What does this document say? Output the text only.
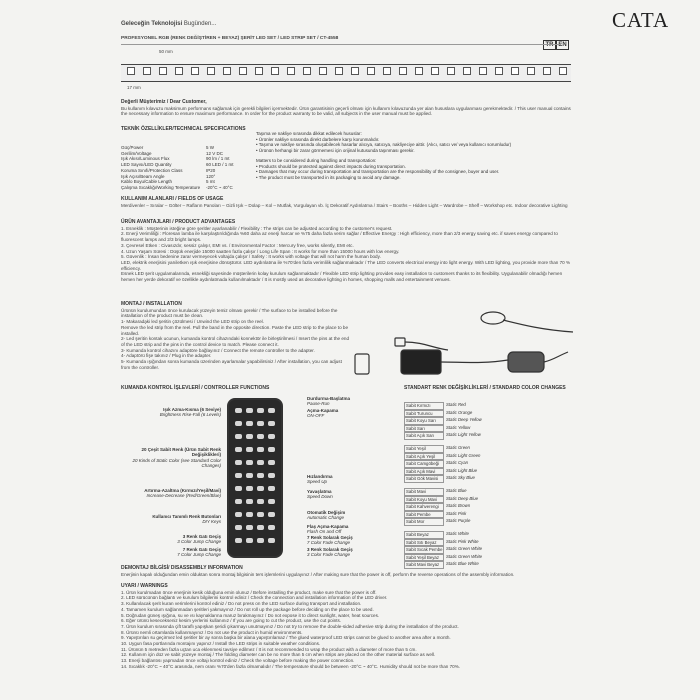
Geleceğin Teknolojisi Bugünden...	CATA
PROFESYONEL RGB (RENK DEĞİŞTİREN + BEYAZ) ŞERİT LED SET / LED STRIP SET / CT-4558
TR EN
50 mm
17 mm
Değerli Müşterimiz / Dear Customer,
Bu kullanım kılavuzu maksimum performans sağlamak için gerekli bilgileri içermektedir. Ürün garantisinin geçerli olması için kullanım kılavuzunda yer alan hususlara uygulanması gerekmektedir. / This user manual contains the necessary information to ensure maximum performance. In order for the product warranty to be valid, all subjects in the user manual must be applied.
TEKNİK ÖZELLİKLER/TECHNICAL SPECIFICATIONS
Güç/Power	5 W
Gerilim/Voltage	12 V DC
Işık Akısı/Luminous Flux	90 lm / 1 mt
LED Sayısı/LED Quantity	60 LED / 1 mt
Koruma Sınıfı/Protection Class	IP20
Işık Açısı/Beam Angle	120°
Kablo Boyu/Cable Length	5 mt
Çalışma Sıcaklığı/Working Temperature	-20°C ~ 40°C
Taşıma ve nakliye sırasında dikkat edilecek hususlar:
• Ürünler nakliye sırasında direkt darbelere karşı korunmalıdır.
• Taşıma ve nakliye sırasında oluşabilecek hasarlar alıcıya, satıcıya, nakliyeciye aittir. (Alıcı, satıcı ve/ veya kullanıcı sorumludur)
• Ürünün herhangi bir zarar görmemesi için orijinal kutusunda taşınması gerekir.
Matters to be considered during handling and transportation:
• Products should be protected against direct impacts during transportation.
• Damages that may occur during transportation and transportation are the responsibility of the consignee, buyer and user.
• The product must be transported in its packaging to avoid any damage.
KULLANIM ALANLARI / FIELDS OF USAGE
Merdivenler – Sıralar – Gölter – Rafların Panoları – Gizli Işık – Dolap – Kol – Mutfak, Vurgulayan vb. İç Dekoratif Aydınlatma / Stairs – Booths – Hidden Light – Wardrobe – Shelf – Workshop etc. Indoor decorative Lighting
ÜRÜN AVANTAJLARI / PRODUCT ADVANTAGES
1. Esneklik : Müşterinin isteğine göre şeritler ayarlanabilir / Flexibility : The strips can be adjusted according to the customer's request.
2. Enerji Verimliliği : Floresan lamba ile karşılaştırıldığında %60 daha az enerji harcar ve %75 daha fazla verim sağlar / Effective Energy : High efficiency, more than 2/3 energy saving etc. if saves energy compared to fluorescent lamps and 2/3 bright lamps.
3. Çevresel Etken : Civasızdır, sessiz çalışır, EMI vs. / Environmental Factor : Mercury free, works silently, EMI etc.
4. Uzun Yaşam Süresi : Düşük enerjide 15000 saatten fazla çalışır / Long Life Span : It works for more than 15000 hours with low energy.
5. Güvenlik : İnsan bedenine zarar vermeyecek voltajda çalışır / Safety : It works with voltage that will not harm the human body.
LED, elektrik enerjisini yarıiletken ışık enerjisine dönüştürür. LED aydınlatma ile %70'den fazla verimlilik sağlanmaktadır / The LED converts electrical energy into light energy. With LED lighting, you provide more than 70 % efficiency.
Esnek LED şerit uygulamalarında, esnekliği sayesinde müşterilerin kolay kurulum sağlanmaktadır / Flexible LED strip lighting provides easy installation to customers thanks to its flexibility. Uygulanabilir olmadığı hemen hemen her yerde dekoratif ve özellikle aydınlatmada kullanılmaktadır / It is mostly used as decorative lighting in homes, shopping malls and entertainment venues.
MONTAJ / INSTALLATION
Ürünün kurulumundan önce kurulacak yüzeyin temiz olması gerekir / The surface to be installed before the installation of the product must be clean.
1- Makarada̧ki led şeritin çözülmesi / Unwind the LED strip on the reel.
Remove the led strip from the reel. Pull the band in the opposite direction. Paste the LED strip to the place to be installed.
2- Led şeritin kontak ucunun, kumanda kontrol cihazındaki konnektör ile birleştirilmesi / Insert the pins at the end of the LED strip and the pins in the control device to match. Please connect it.
3- Kumanda kontrol cihazını adaptöre bağlayınız / Connect the remote controller to the adapter.
4- Adaptörü fişe takınız / Plug in the adapter.
5- Kumanda ışığından sonra kumanda üzerinden ayarlamalar yapabilirsiniz / After installation, you can adjust from the controller.
KUMANDA KONTROL İŞLEVLERİ / CONTROLLER FUNCTIONS	STANDART RENK DEĞİŞİKLİKLERİ / STANDARD COLOR CHANGES
Işık Azma-Kısma (6 Seviye)
Brightness Rise-Fall (6 Levels)
20 Çeşit Sabit Renk (Ürün Sabit Renk Değişiklikleri)
20 Kinds of Static Color (see Standard Color Changes)
Artırma-Azaltma (Kırmızı/Yeşil/Mavi)
Increase-Decrease (Red/Green/Blue)
Kullanıcı Tanımlı Renk Butonları
DIY Keys
3 Renk Gatı Geçiş
3 Color Jump Change
7 Renk Gatı Geçiş
7 Color Jump Change
Durdurma-Başlatma
Pause-Run
Açma-Kapama
ON-OFF
Hızlandırma
Speed Up
Yavaşlatma
Speed Down
Otomatik Değişim
Automatic Change
Flaş Açma-Kapama
Flash On and Off
7 Renk Solarak Geçiş
7 Color Fade Change
3 Renk Solarak Geçiş
3 Color Fade Change
Sabit Kırmızı	Static Red
Sabit Turuncu	Static Orange
Sabit Koyu Sarı	Static Deep Yellow
Sabit Sarı	Static Yellow
Sabit Açık Sarı	Static Light Yellow
Sabit Yeşil	Static Green
Sabit Açık Yeşil	Static Light Green
Sabit Camgöbeği	Static Cyan
Sabit Açık Mavi	Static Light Blue
Sabit Gök Mavisi	Static Sky Blue
Sabit Mavi	Static Blue
Sabit Koyu Mavi	Static Deep Blue
Sabit Kahverengi	Static Brown
Sabit Pembe	Static Pink
Sabit Mor	Static Purple
Sabit Beyaz	Static White
Sabit Sıtı Beyaz	Static Pink White
Sabit Sıcak Pembe Static Green White
Sabit Yeşil Beyaz	Static Green White
Sabit Mavi Beyaz	Static Blue White
DEMONTAJ BİLGİSİ/ DISASSEMBLY INFORMATION
Enerjinin kapalı olduğundan emin olduktan sonra montaj bilgisinin ters işlemlerini uygulayınız / After making sure that the power is off, perform the reverse operations of the assembly information.
UYARI / WARNINGS
1. Ürün kurulmadan önce enerjinin kesik olduğuna emin olunuz / Before installing the product, make sure that the power is off.
2. LED sürücünün bağlantı ve kurulum bilgilerini kontrol ediniz / Check the connection and installation information of the LED driver.
3. Kullanılacak şerit kuran verimlerini kontrol ediniz / Do not press on the LED surface during transport and installation.
4. Tamamen kurulum sağlanmadan şeritleri yakmayınız / Do not roll up the package before deciding on the place to be used.
5. Doğrudan güneş ışığına, su ve ısı kaynaklarına maruz bırakmayınız / Do not expose it to direct sunlight, water, heat sources.
6. Eğer ürünü kesecekseniz kesim yerlerini kullanınız / If you are going to cut the product, use the cut points.
7. Ürün kurulum sırasında çift taraflı yapışkan şeridi çıkarmayı unutmayınız / Do not try to remove the double-sided adhesive strip during the installation of the product.
8. Ürünü nemli ortamlarda kullanmayınız / Do not use the product in humid environments.
9. Yapıştırılan su geçirmez led şeritler bir ay sonra başka bir alana yapıştırılamaz / The glued waterproof LED strips cannot be glued to another area after a month.
10. Uygun fasa portlarında montajını yapınız / Install the LED strips in suitable weather conditions.
11. Ürünün 5 metreden fazla uçtan uca eklenmesi tavsiye edilmez / It is not recommended to wrap the product with a diameter of more than 5 cm.
12. Kullanım için düz ve sabit yüzeye montaj / The folding diameter can be no more than 5 cm when strips are placed on the other material surface as well.
13. Enerji bağlantısı yapmadan önce voltajı kontrol ediniz / Check the voltage before making the power connection.
14. Sıcaklık -20°C ~ 40°C arasında, nem oranı %70'den fazla olmamalıdır / The temperature should be between -20°C ~ 40°C. Humidity should not be more than 70%.
